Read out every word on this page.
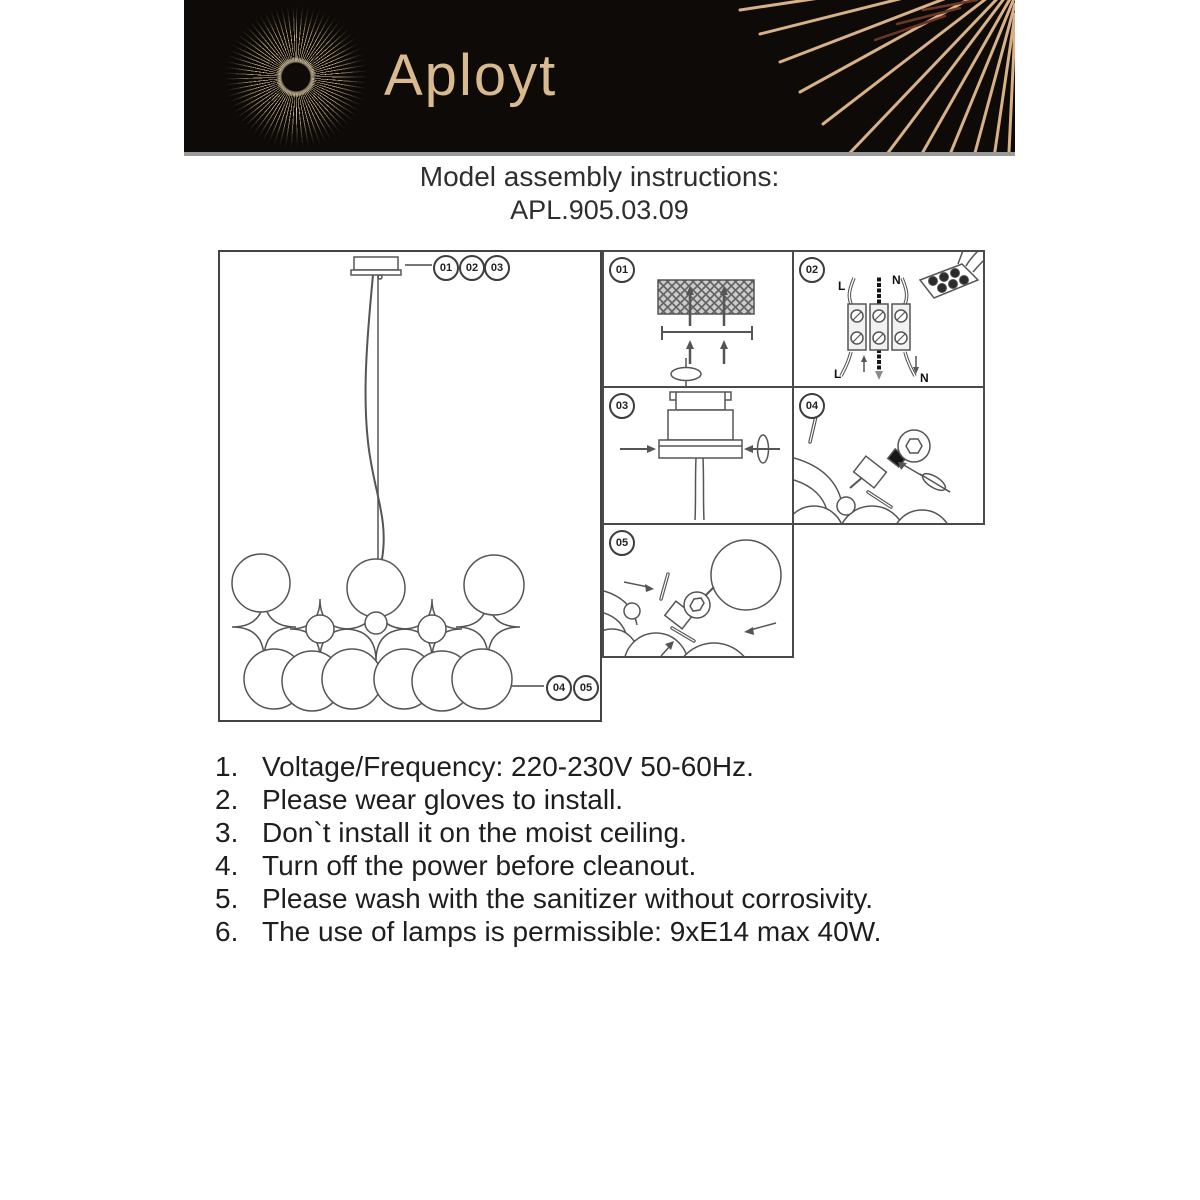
Aployt
Model assembly instructions:
APL.905.03.09
01	02	03
04	05
01	02
L	N
L	N
03	04
05
1. Voltage/Frequency: 220-230V 50-60Hz.
2. Please wear gloves to install.
3. Don`t install it on the moist ceiling.
4. Turn off the power before cleanout.
5. Please wash with the sanitizer without corrosivity.
6. The use of lamps is permissible: 9xE14 max 40W.
